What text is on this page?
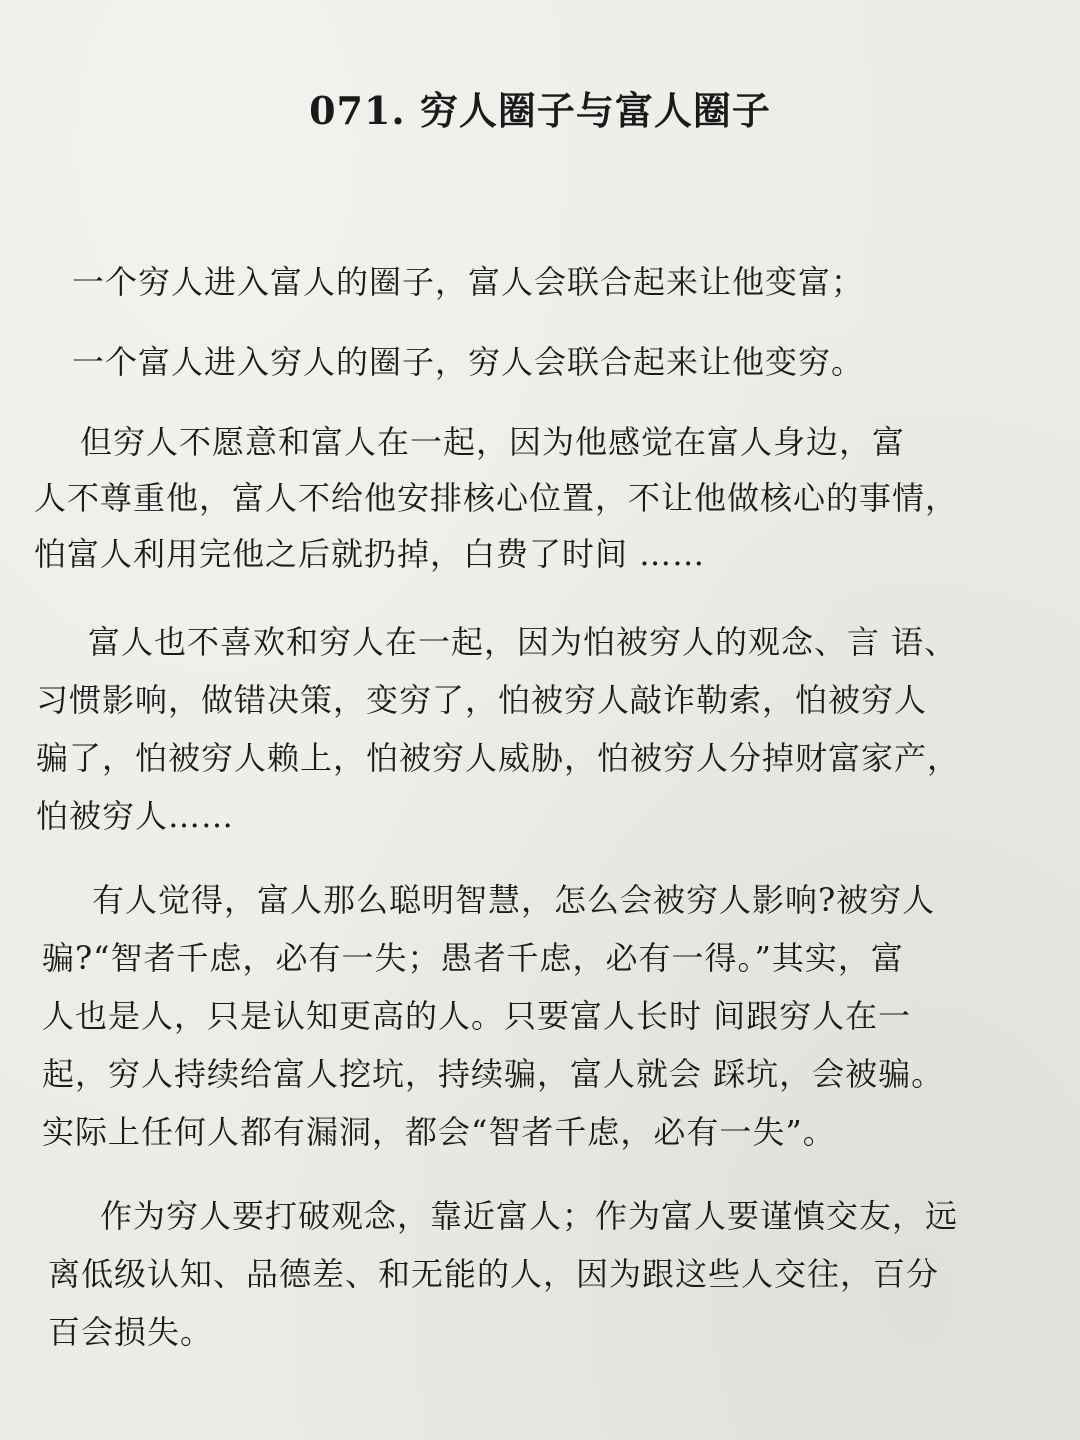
071. 穷人圈子与富人圈子
一个穷人进入富人的圈子，富人会联合起来让他变富；
一个富人进入穷人的圈子，穷人会联合起来让他变穷。
但穷人不愿意和富人在一起，因为他感觉在富人身边，富
人不尊重他，富人不给他安排核心位置，不让他做核心的事情，
怕富人利用完他之后就扔掉，白费了时间 ……
富人也不喜欢和穷人在一起，因为怕被穷人的观念、言 语、
习惯影响，做错决策，变穷了，怕被穷人敲诈勒索，怕被穷人
骗了，怕被穷人赖上，怕被穷人威胁，怕被穷人分掉财富家产，
怕被穷人……
有人觉得，富人那么聪明智慧，怎么会被穷人影响?被穷人
骗?“智者千虑，必有一失；愚者千虑，必有一得。”其实，富
人也是人，只是认知更高的人。只要富人长时 间跟穷人在一
起，穷人持续给富人挖坑，持续骗，富人就会 踩坑，会被骗。
实际上任何人都有漏洞，都会“智者千虑，必有一失”。
作为穷人要打破观念，靠近富人；作为富人要谨慎交友，远
离低级认知、品德差、和无能的人，因为跟这些人交往，百分
百会损失。
